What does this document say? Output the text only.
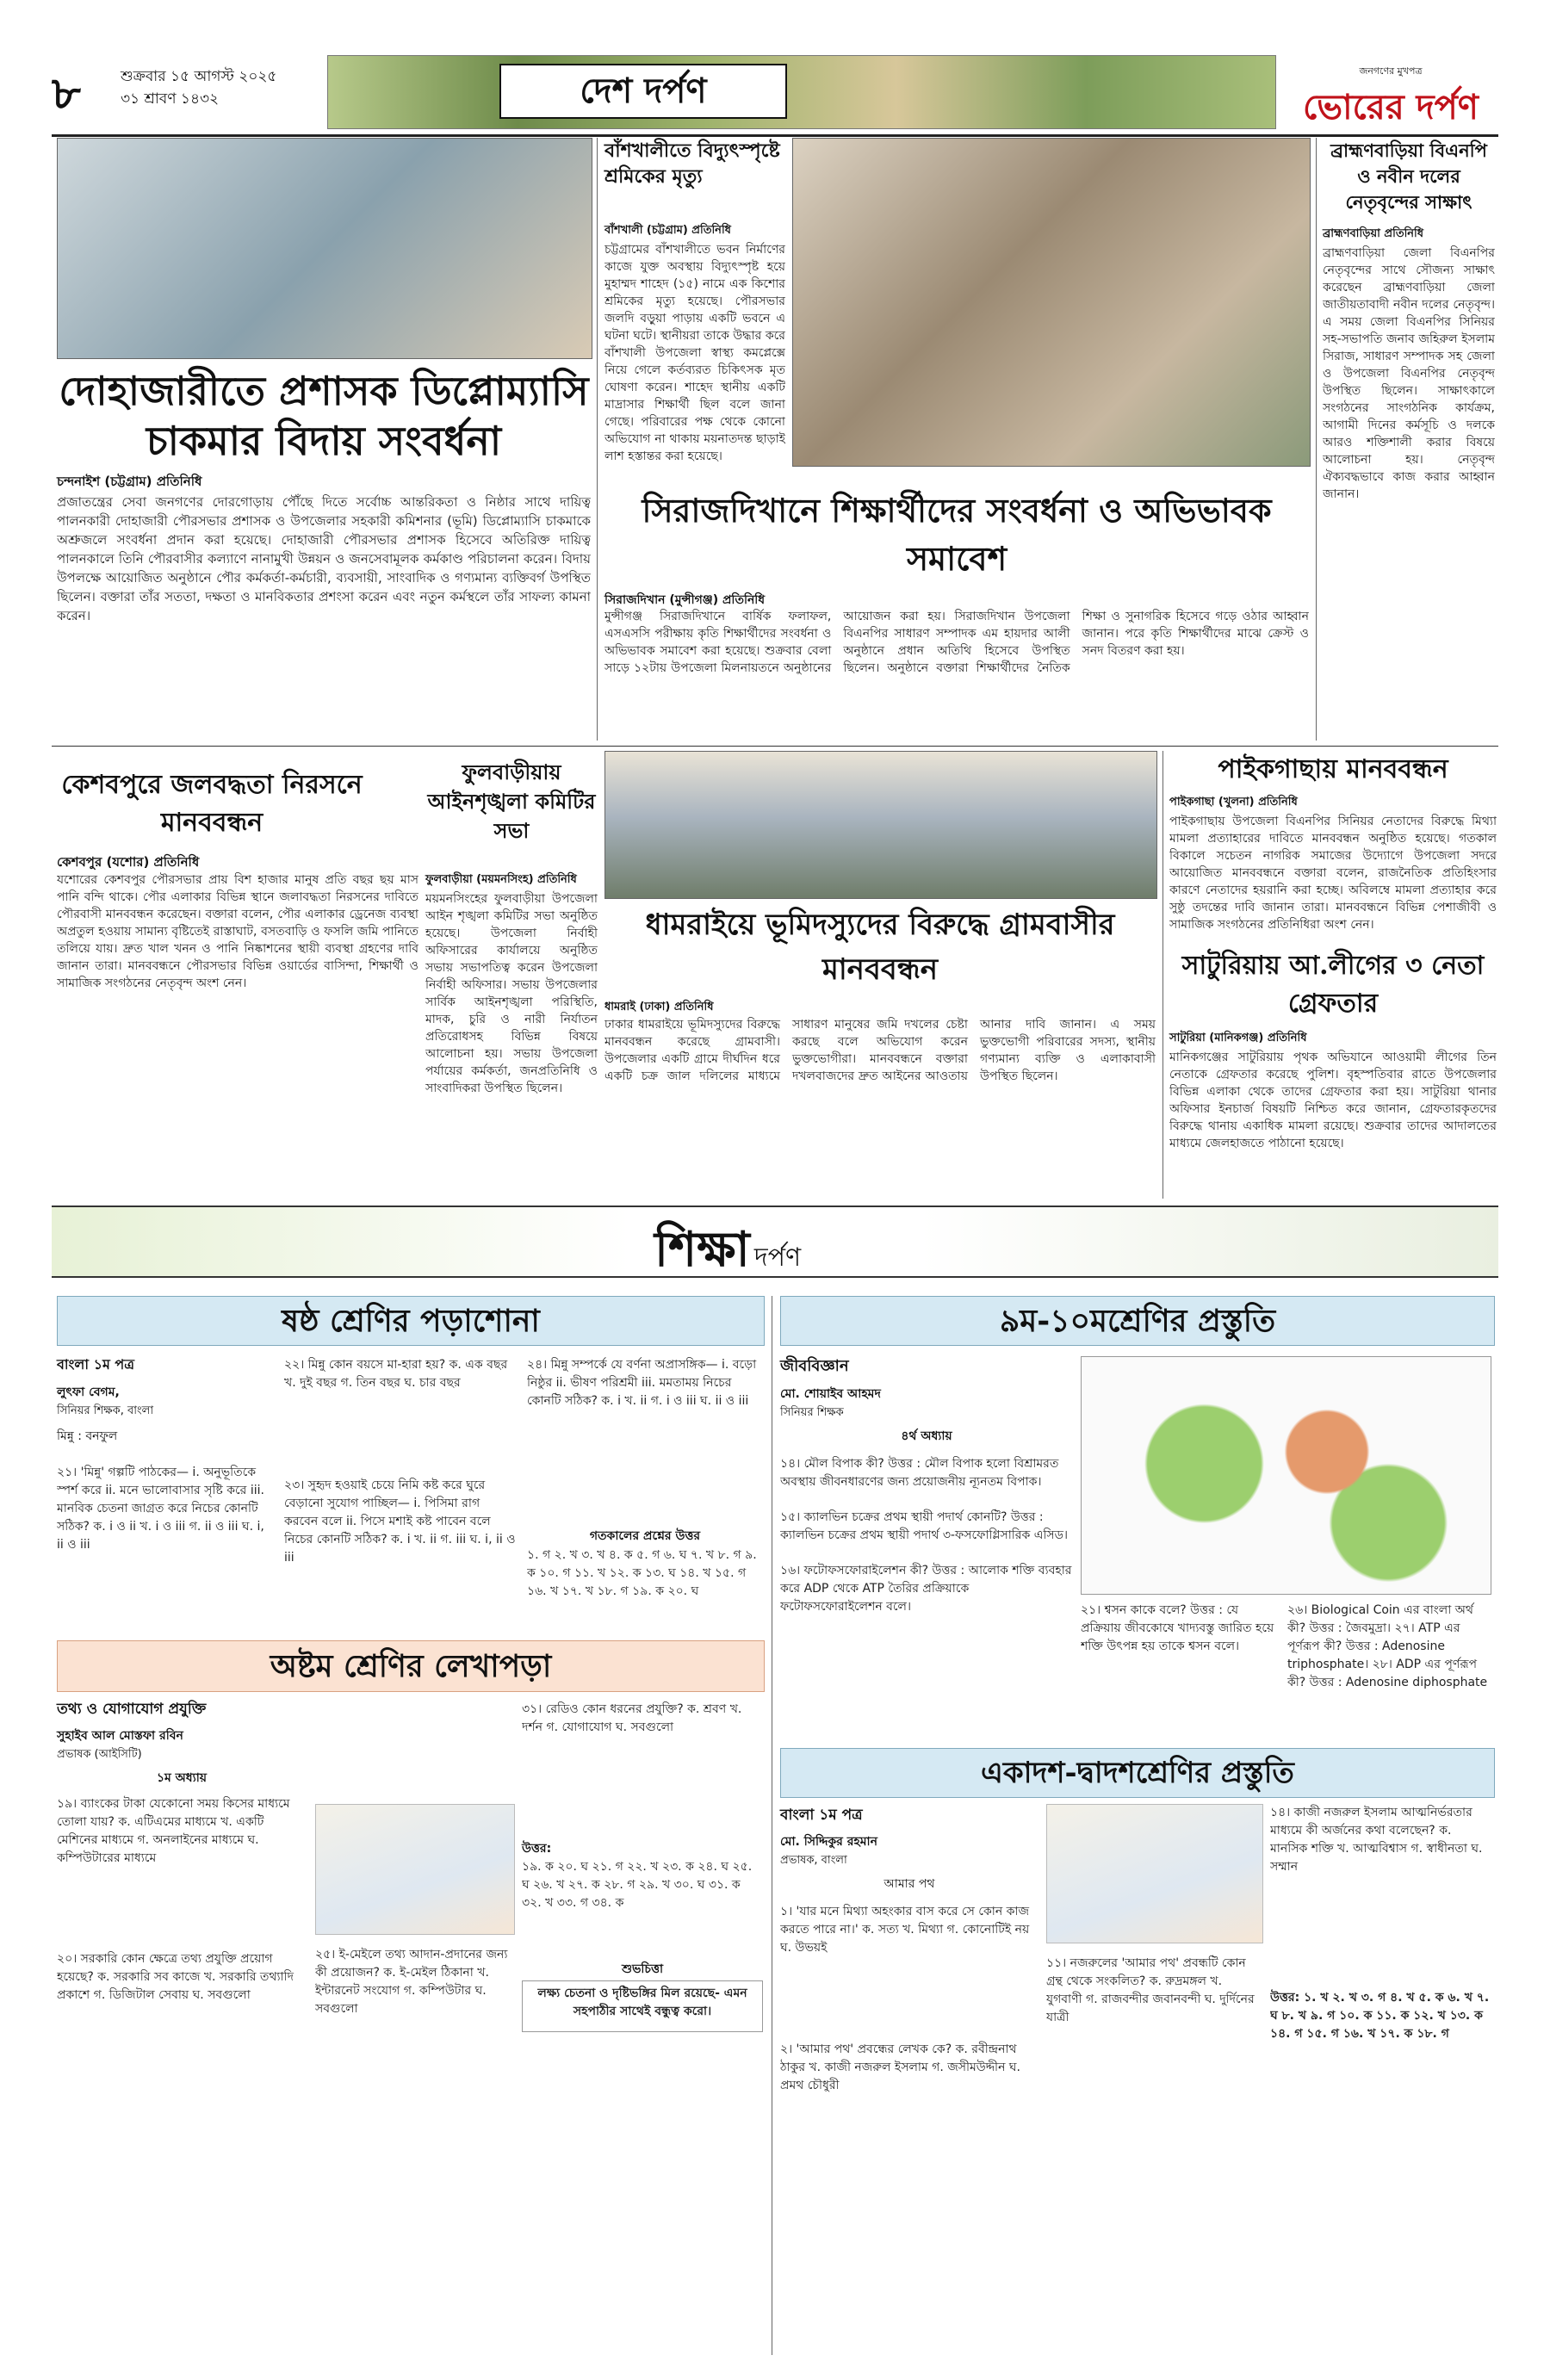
৮	শুক্রবার ১৫ আগস্ট ২০২৫
৩১ শ্রাবণ ১৪৩২	দেশ দর্পণ	জনগণের মুখপত্র
ভোরের দর্পণ
দোহাজারীতে প্রশাসক ডিপ্লোম্যাসি চাকমার বিদায় সংবর্ধনা
চন্দনাইশ (চট্টগ্রাম) প্রতিনিধি
প্রজাতন্ত্রের সেবা জনগণের দোরগোড়ায় পৌঁছে দিতে সর্বোচ্চ আন্তরিকতা ও নিষ্ঠার সাথে দায়িত্ব পালনকারী দোহাজারী পৌরসভার প্রশাসক ও উপজেলার সহকারী কমিশনার (ভূমি) ডিপ্লোম্যাসি চাকমাকে অশ্রুজলে সংবর্ধনা প্রদান করা হয়েছে। দোহাজারী পৌরসভার প্রশাসক হিসেবে অতিরিক্ত দায়িত্ব পালনকালে তিনি পৌরবাসীর কল্যাণে নানামুখী উন্নয়ন ও জনসেবামূলক কর্মকাণ্ড পরিচালনা করেন। বিদায় উপলক্ষে আয়োজিত অনুষ্ঠানে পৌর কর্মকর্তা-কর্মচারী, ব্যবসায়ী, সাংবাদিক ও গণ্যমান্য ব্যক্তিবর্গ উপস্থিত ছিলেন। বক্তারা তাঁর সততা, দক্ষতা ও মানবিকতার প্রশংসা করেন এবং নতুন কর্মস্থলে তাঁর সাফল্য কামনা করেন।
বাঁশখালীতে বিদ্যুৎস্পৃষ্টে শ্রমিকের মৃত্যু
বাঁশখালী (চট্টগ্রাম) প্রতিনিধি
চট্টগ্রামের বাঁশখালীতে ভবন নির্মাণের কাজে যুক্ত অবস্থায় বিদ্যুৎস্পৃষ্ট হয়ে মুহাম্মদ শাহেদ (১৫) নামে এক কিশোর শ্রমিকের মৃত্যু হয়েছে। পৌরসভার জলদি বড়ুয়া পাড়ায় একটি ভবনে এ ঘটনা ঘটে। স্থানীয়রা তাকে উদ্ধার করে বাঁশখালী উপজেলা স্বাস্থ্য কমপ্লেক্সে নিয়ে গেলে কর্তব্যরত চিকিৎসক মৃত ঘোষণা করেন। শাহেদ স্থানীয় একটি মাদ্রাসার শিক্ষার্থী ছিল বলে জানা গেছে। পরিবারের পক্ষ থেকে কোনো অভিযোগ না থাকায় ময়নাতদন্ত ছাড়াই লাশ হস্তান্তর করা হয়েছে।
সিরাজদিখানে শিক্ষার্থীদের সংবর্ধনা ও অভিভাবক সমাবেশ
সিরাজদিখান (মুন্সীগঞ্জ) প্রতিনিধি
মুন্সীগঞ্জ সিরাজদিখানে বার্ষিক ফলাফল, এসএসসি পরীক্ষায় কৃতি শিক্ষার্থীদের সংবর্ধনা ও অভিভাবক সমাবেশ করা হয়েছে। শুক্রবার বেলা সাড়ে ১২টায় উপজেলা মিলনায়তনে অনুষ্ঠানের আয়োজন করা হয়। সিরাজদিখান উপজেলা বিএনপির সাধারণ সম্পাদক এম হায়দার আলী অনুষ্ঠানে প্রধান অতিথি হিসেবে উপস্থিত ছিলেন। অনুষ্ঠানে বক্তারা শিক্ষার্থীদের নৈতিক শিক্ষা ও সুনাগরিক হিসেবে গড়ে ওঠার আহ্বান জানান। পরে কৃতি শিক্ষার্থীদের মাঝে ক্রেস্ট ও সনদ বিতরণ করা হয়।
ব্রাহ্মণবাড়িয়া বিএনপি ও নবীন দলের নেতৃবৃন্দের সাক্ষাৎ
ব্রাহ্মণবাড়িয়া প্রতিনিধি
ব্রাহ্মণবাড়িয়া জেলা বিএনপির নেতৃবৃন্দের সাথে সৌজন্য সাক্ষাৎ করেছেন ব্রাহ্মণবাড়িয়া জেলা জাতীয়তাবাদী নবীন দলের নেতৃবৃন্দ। এ সময় জেলা বিএনপির সিনিয়র সহ-সভাপতি জনাব জহিরুল ইসলাম সিরাজ, সাধারণ সম্পাদক সহ জেলা ও উপজেলা বিএনপির নেতৃবৃন্দ উপস্থিত ছিলেন। সাক্ষাৎকালে সংগঠনের সাংগঠনিক কার্যক্রম, আগামী দিনের কর্মসূচি ও দলকে আরও শক্তিশালী করার বিষয়ে আলোচনা হয়। নেতৃবৃন্দ ঐক্যবদ্ধভাবে কাজ করার আহ্বান জানান।
কেশবপুরে জলবদ্ধতা নিরসনে মানববন্ধন
কেশবপুর (যশোর) প্রতিনিধি
যশোরের কেশবপুর পৌরসভার প্রায় বিশ হাজার মানুষ প্রতি বছর ছয় মাস পানি বন্দি থাকে। পৌর এলাকার বিভিন্ন স্থানে জলাবদ্ধতা নিরসনের দাবিতে পৌরবাসী মানববন্ধন করেছেন। বক্তারা বলেন, পৌর এলাকার ড্রেনেজ ব্যবস্থা অপ্রতুল হওয়ায় সামান্য বৃষ্টিতেই রাস্তাঘাট, বসতবাড়ি ও ফসলি জমি পানিতে তলিয়ে যায়। দ্রুত খাল খনন ও পানি নিষ্কাশনের স্থায়ী ব্যবস্থা গ্রহণের দাবি জানান তারা। মানববন্ধনে পৌরসভার বিভিন্ন ওয়ার্ডের বাসিন্দা, শিক্ষার্থী ও সামাজিক সংগঠনের নেতৃবৃন্দ অংশ নেন।
ফুলবাড়ীয়ায় আইনশৃঙ্খলা কমিটির সভা
ফুলবাড়ীয়া (ময়মনসিংহ) প্রতিনিধি
ময়মনসিংহের ফুলবাড়ীয়া উপজেলা আইন শৃঙ্খলা কমিটির সভা অনুষ্ঠিত হয়েছে। উপজেলা নির্বাহী অফিসারের কার্যালয়ে অনুষ্ঠিত সভায় সভাপতিত্ব করেন উপজেলা নির্বাহী অফিসার। সভায় উপজেলার সার্বিক আইনশৃঙ্খলা পরিস্থিতি, মাদক, চুরি ও নারী নির্যাতন প্রতিরোধসহ বিভিন্ন বিষয়ে আলোচনা হয়। সভায় উপজেলা পর্যায়ের কর্মকর্তা, জনপ্রতিনিধি ও সাংবাদিকরা উপস্থিত ছিলেন।
ধামরাইয়ে ভূমিদস্যুদের বিরুদ্ধে গ্রামবাসীর মানববন্ধন
ধামরাই (ঢাকা) প্রতিনিধি
ঢাকার ধামরাইয়ে ভূমিদস্যুদের বিরুদ্ধে মানববন্ধন করেছে গ্রামবাসী। উপজেলার একটি গ্রামে দীর্ঘদিন ধরে একটি চক্র জাল দলিলের মাধ্যমে সাধারণ মানুষের জমি দখলের চেষ্টা করছে বলে অভিযোগ করেন ভুক্তভোগীরা। মানববন্ধনে বক্তারা দখলবাজদের দ্রুত আইনের আওতায় আনার দাবি জানান। এ সময় ভুক্তভোগী পরিবারের সদস্য, স্থানীয় গণ্যমান্য ব্যক্তি ও এলাকাবাসী উপস্থিত ছিলেন।
পাইকগাছায় মানববন্ধন
পাইকগাছা (খুলনা) প্রতিনিধি
পাইকগাছায় উপজেলা বিএনপির সিনিয়র নেতাদের বিরুদ্ধে মিথ্যা মামলা প্রত্যাহারের দাবিতে মানববন্ধন অনুষ্ঠিত হয়েছে। গতকাল বিকালে সচেতন নাগরিক সমাজের উদ্যোগে উপজেলা সদরে আয়োজিত মানববন্ধনে বক্তারা বলেন, রাজনৈতিক প্রতিহিংসার কারণে নেতাদের হয়রানি করা হচ্ছে। অবিলম্বে মামলা প্রত্যাহার করে সুষ্ঠু তদন্তের দাবি জানান তারা। মানববন্ধনে বিভিন্ন পেশাজীবী ও সামাজিক সংগঠনের প্রতিনিধিরা অংশ নেন।
সাটুরিয়ায় আ.লীগের ৩ নেতা গ্রেফতার
সাটুরিয়া (মানিকগঞ্জ) প্রতিনিধি
মানিকগঞ্জের সাটুরিয়ায় পৃথক অভিযানে আওয়ামী লীগের তিন নেতাকে গ্রেফতার করেছে পুলিশ। বৃহস্পতিবার রাতে উপজেলার বিভিন্ন এলাকা থেকে তাদের গ্রেফতার করা হয়। সাটুরিয়া থানার অফিসার ইনচার্জ বিষয়টি নিশ্চিত করে জানান, গ্রেফতারকৃতদের বিরুদ্ধে থানায় একাধিক মামলা রয়েছে। শুক্রবার তাদের আদালতের মাধ্যমে জেলহাজতে পাঠানো হয়েছে।
শিক্ষা দর্পণ
ষষ্ঠ শ্রেণির পড়াশোনা
বাংলা ১ম পত্র
লুৎফা বেগম,
সিনিয়র শিক্ষক, বাংলা
মিন্নু : বনফুল
২১। 'মিন্নু' গল্পটি পাঠকের— i. অনুভূতিকে স্পর্শ করে ii. মনে ভালোবাসার সৃষ্টি করে iii. মানবিক চেতনা জাগ্রত করে নিচের কোনটি সঠিক? ক. i ও ii খ. i ও iii গ. ii ও iii ঘ. i, ii ও iii
২২। মিন্নু কোন বয়সে মা-হারা হয়? ক. এক বছর খ. দুই বছর গ. তিন বছর ঘ. চার বছর
২৩। সুহৃদ হওয়াই চেয়ে নিমি কষ্ট করে ঘুরে বেড়ানো সুযোগ পাচ্ছিল— i. পিসিমা রাগ করবেন বলে ii. পিসে মশাই কষ্ট পাবেন বলে নিচের কোনটি সঠিক? ক. i খ. ii গ. iii ঘ. i, ii ও iii
২৪। মিন্নু সম্পর্কে যে বর্ণনা অপ্রাসঙ্গিক— i. বড়ো নিষ্ঠুর ii. ভীষণ পরিশ্রমী iii. মমতাময় নিচের কোনটি সঠিক? ক. i খ. ii গ. i ও iii ঘ. ii ও iii
গতকালের প্রশ্নের উত্তর
১. গ ২. খ ৩. খ ৪. ক ৫. গ ৬. ঘ ৭. খ ৮. গ ৯. ক ১০. গ ১১. খ ১২. ক ১৩. ঘ ১৪. খ ১৫. গ ১৬. খ ১৭. খ ১৮. গ ১৯. ক ২০. ঘ
৯ম-১০মশ্রেণির প্রস্তুতি
জীববিজ্ঞান
মো. শোয়াইব আহমদ
সিনিয়র শিক্ষক
৪র্থ অধ্যায়
১৪। মৌল বিপাক কী? উত্তর : মৌল বিপাক হলো বিশ্রামরত অবস্থায় জীবনধারণের জন্য প্রয়োজনীয় ন্যূনতম বিপাক।
১৫। ক্যালভিন চক্রের প্রথম স্থায়ী পদার্থ কোনটি? উত্তর : ক্যালভিন চক্রের প্রথম স্থায়ী পদার্থ ৩-ফসফোগ্লিসারিক এসিড।
১৬। ফটোফসফোরাইলেশন কী? উত্তর : আলোক শক্তি ব্যবহার করে ADP থেকে ATP তৈরির প্রক্রিয়াকে ফটোফসফোরাইলেশন বলে।	২১। শ্বসন কাকে বলে? উত্তর : যে প্রক্রিয়ায় জীবকোষে খাদ্যবস্তু জারিত হয়ে শক্তি উৎপন্ন হয় তাকে শ্বসন বলে।
২৬। Biological Coin এর বাংলা অর্থ কী? উত্তর : জৈবমুদ্রা। ২৭। ATP এর পূর্ণরূপ কী? উত্তর : Adenosine triphosphate। ২৮। ADP এর পূর্ণরূপ কী? উত্তর : Adenosine diphosphate
অষ্টম শ্রেণির লেখাপড়া
তথ্য ও যোগাযোগ প্রযুক্তি
সুহাইব আল মোস্তফা রবিন
প্রভাষক (আইসিটি)
১ম অধ্যায়
১৯। ব্যাংকের টাকা যেকোনো সময় কিসের মাধ্যমে তোলা যায়? ক. এটিএমের মাধ্যমে খ. একটি মেশিনের মাধ্যমে গ. অনলাইনের মাধ্যমে ঘ. কম্পিউটারের মাধ্যমে
২০। সরকারি কোন ক্ষেত্রে তথ্য প্রযুক্তি প্রয়োগ হয়েছে? ক. সরকারি সব কাজে খ. সরকারি তথ্যাদি প্রকাশে গ. ডিজিটাল সেবায় ঘ. সবগুলো
২৫। ই-মেইলে তথ্য আদান-প্রদানের জন্য কী প্রয়োজন? ক. ই-মেইল ঠিকানা খ. ইন্টারনেট সংযোগ গ. কম্পিউটার ঘ. সবগুলো
৩১। রেডিও কোন ধরনের প্রযুক্তি? ক. শ্রবণ খ. দর্শন গ. যোগাযোগ ঘ. সবগুলো
উত্তর:
১৯. ক ২০. ঘ ২১. গ ২২. খ ২৩. ক ২৪. ঘ ২৫. ঘ ২৬. খ ২৭. ক ২৮. গ ২৯. খ ৩০. ঘ ৩১. ক ৩২. খ ৩৩. গ ৩৪. ক
শুভচিত্তা
লক্ষ্য চেতনা ও দৃষ্টিভঙ্গির মিল রয়েছে- এমন সহপাঠীর সাথেই বন্ধুত্ব করো।
একাদশ-দ্বাদশশ্রেণির প্রস্তুতি
বাংলা ১ম পত্র
মো. সিদ্দিকুর রহমান
প্রভাষক, বাংলা
আমার পথ
১। 'যার মনে মিথ্যা অহংকার বাস করে সে কোন কাজ করতে পারে না।' ক. সত্য খ. মিথ্যা গ. কোনোটিই নয় ঘ. উভয়ই
২। 'আমার পথ' প্রবন্ধের লেখক কে? ক. রবীন্দ্রনাথ ঠাকুর খ. কাজী নজরুল ইসলাম গ. জসীমউদ্দীন ঘ. প্রমথ চৌধুরী
১১। নজরুলের 'আমার পথ' প্রবন্ধটি কোন গ্রন্থ থেকে সংকলিত? ক. রুদ্রমঙ্গল খ. যুগবাণী গ. রাজবন্দীর জবানবন্দী ঘ. দুর্দিনের যাত্রী
১৪। কাজী নজরুল ইসলাম আত্মনির্ভরতার মাধ্যমে কী অর্জনের কথা বলেছেন? ক. মানসিক শক্তি খ. আত্মবিশ্বাস গ. স্বাধীনতা ঘ. সম্মান
উত্তর: ১. খ ২. খ ৩. গ ৪. খ ৫. ক ৬. খ ৭. ঘ ৮. খ ৯. গ ১০. ক ১১. ক ১২. খ ১৩. ক ১৪. গ ১৫. গ ১৬. খ ১৭. ক ১৮. গ
